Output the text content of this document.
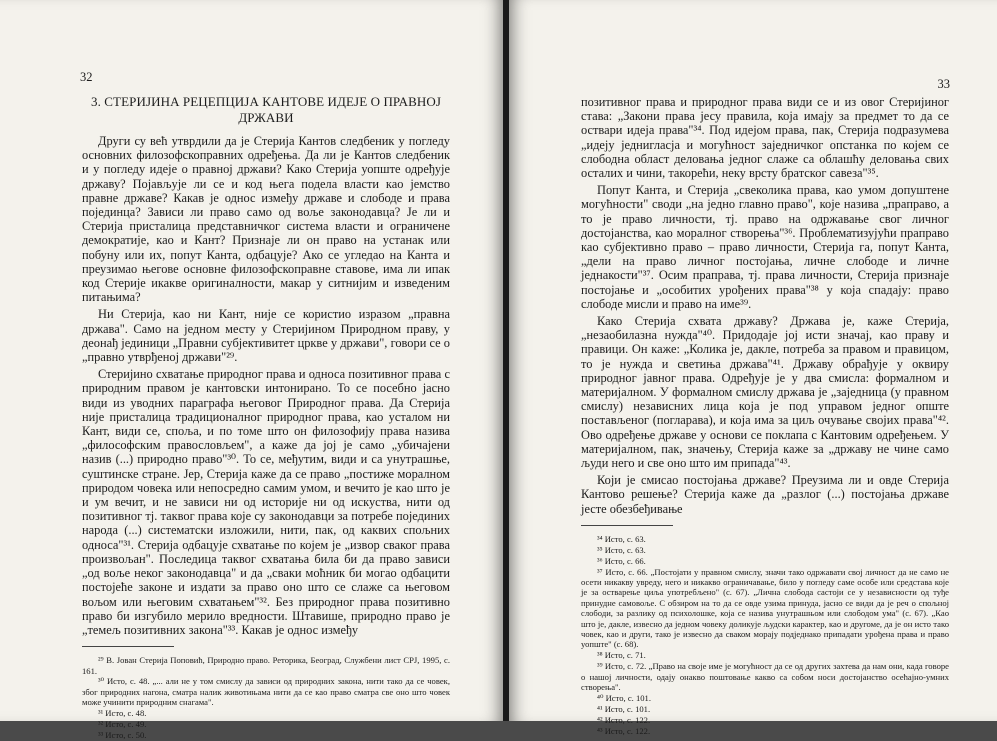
32
3. СТЕРИЈИНА РЕЦЕПЦИЈА КАНТОВЕ ИДЕЈЕ О ПРАВНОЈ ДРЖАВИ

Други су већ утврдили да је Стерија Кантов следбеник у погледу основних филозофскоправних одређења. Да ли је Кантов следбеник и у погледу идеје о правној држави? Како Стерија уопште одређује државу? Појављује ли се и код њега подела власти као јемство правне државе? Какав је однос између државе и слободе и права појединца? Зависи ли право само од воље законодавца? Је ли и Стерија присталица представничког система власти и ограничене демократије, као и Кант? Признаје ли он право на устанак или побуну или их, попут Канта, одбацује? Ако се угледао на Канта и преузимао његове основне филозофскоправне ставове, има ли ипак код Стерије икакве оригиналности, макар у ситнијим и изведеним питањима?

Ни Стерија, као ни Кант, није се користио изразом „правна држава". Само на једном месту у Стеријином Природном праву, у деонађ јединици „Правни субјективитет цркве у држави", говори се о „правно утврђеној држави"²⁹.

Стеријино схватање природног права и односа позитивног права с природним правом је кантовски интонирано. То се посебно јасно види из уводних параграфа његовог Природног права. Да Стерија није присталица традиционалног природног права, као усталом ни Кант, види се, споља, и по томе што он филозофију права назива „философским правословљем", а каже да јој је само „убичајени назив (...) природно право"³⁰. То се, међутим, види и са унутрашње, суштинске стране. Јер, Стерија каже да се право „постиже моралном природом човека или непосредно самим умом, и вечито је као што је и ум вечит, и не зависи ни од историје ни од искуства, нити од позитивног тј. таквог права које су законодавци за потребе појединих народа (...) систематски изложили, нити, пак, од каквих спољних односа"³¹. Стерија одбацује схватање по којем је „извор сваког права произвољан". Последица таквог схватања била би да право зависи „од воље неког законодавца" и да „сваки моћник би могао одбацити постојеће законе и издати за право оно што се слаже са његовом вољом или његовим схватањем"³². Без природног права позитивно право би изгубило мерило вредности. Штавише, природно право је „темељ позитивних закона"³³. Какав је однос између

²⁹ В. Јован Стерија Поповић, Природно право. Реторика, Београд, Службени лист СРЈ, 1995, с. 161.

³⁰ Исто, с. 48. „... али не у том смислу да зависи од природних закона, нити тако да се човек, због природних нагона, сматра налик животињама нити да се као право сматра све оно што човек може учинити природним снагама".

³¹ Исто, с. 48.

³² Исто, с. 49.

³³ Исто, с. 50.

33

позитивног права и природног права види се и из овог Стеријиног става: „Закони права јесу правила, која имају за предмет то да се оствари идеја права"³⁴. Под идејом права, пак, Стерија подразумева „идеју једнигласја и могућност заједничког опстанка по којем се слободна област деловања једног слаже са облашћу деловања свих осталих и чини, такорећи, неку врсту братског савеза"³⁵.

Попут Канта, и Стерија „свеколика права, као умом допуштене могућности" своди „на једно главно право", које назива „прaправо, а то је право личности, тј. право на одржавање свог личног достојанства, као моралног створења"³⁶. Проблематизујући прaправо као субјективно право – право личности, Стерија га, попут Канта, „дели на право личног постојања, личне слободе и личне једнакости"³⁷. Осим прaправа, тј. права личности, Стерија признаје постојање и „особитих урођених права"³⁸ у која спадају: право слободе мисли и право на име³⁹.

Како Стерија схвата државу? Држава је, каже Стерија, „незаобилазна нужда"⁴⁰. Придодаје јој исти значај, као праву и правици. Он каже: „Колика је, дакле, потреба за правом и правицом, то је нужда и светиња држава"⁴¹. Државу обрађује у оквиру природног јавног права. Одређује је у два смисла: формалном и материјалном. У формалном смислу држава је „заједница (у правном смислу) независних лица која је под управом једног опште постављеног (погларава), и која има за циљ очување својих права"⁴². Ово одређење државе у основи се поклапа с Кантовим одређењем. У материјалном, пак, значењу, Стерија каже за „државу не чине само људи него и све оно што им припада"⁴³.

Који је смисао постојања државе? Преузима ли и овде Стерија Кантово решење? Стерија каже да „разлог (...) постојања државе јесте обезбеђивање

³⁴ Исто, с. 63.

³⁵ Исто, с. 63.

³⁶ Исто, с. 66.

³⁷ Исто, с. 66. „Постојати у правном смислу, значи тако одржавати свој личност да не само не осети никакву увреду, него и никакво ограничавање, било у погледу саме особе или средстава које је за остварење циља употребљено" (с. 67). „Лична слобода састоји се у независности од туђе принудне самовоље. С обзиром на то да се овде узима принуда, јасно се види да је реч о спољној слободи, за разлику од психолошке, која се назива унутрашњом или слободом ума" (с. 67). „Као што је, дакле, извесно да једном човеку доликује људски карактер, као и другоме, да је он исто тако човек, као и други, тако је извесно да сваком морају подједнако припадати урођена права и право уопште" (с. 68).

³⁸ Исто, с. 71.

³⁹ Исто, с. 72. „Право на своје име је могућност да се од других захтева да нам они, када говоре о нашој личности, одају онакво поштовање какво са собом носи достојанство осећајно-умних створења".

⁴⁰ Исто, с. 101.

⁴¹ Исто, с. 101.

⁴² Исто, с. 122.

⁴³ Исто, с. 122.
